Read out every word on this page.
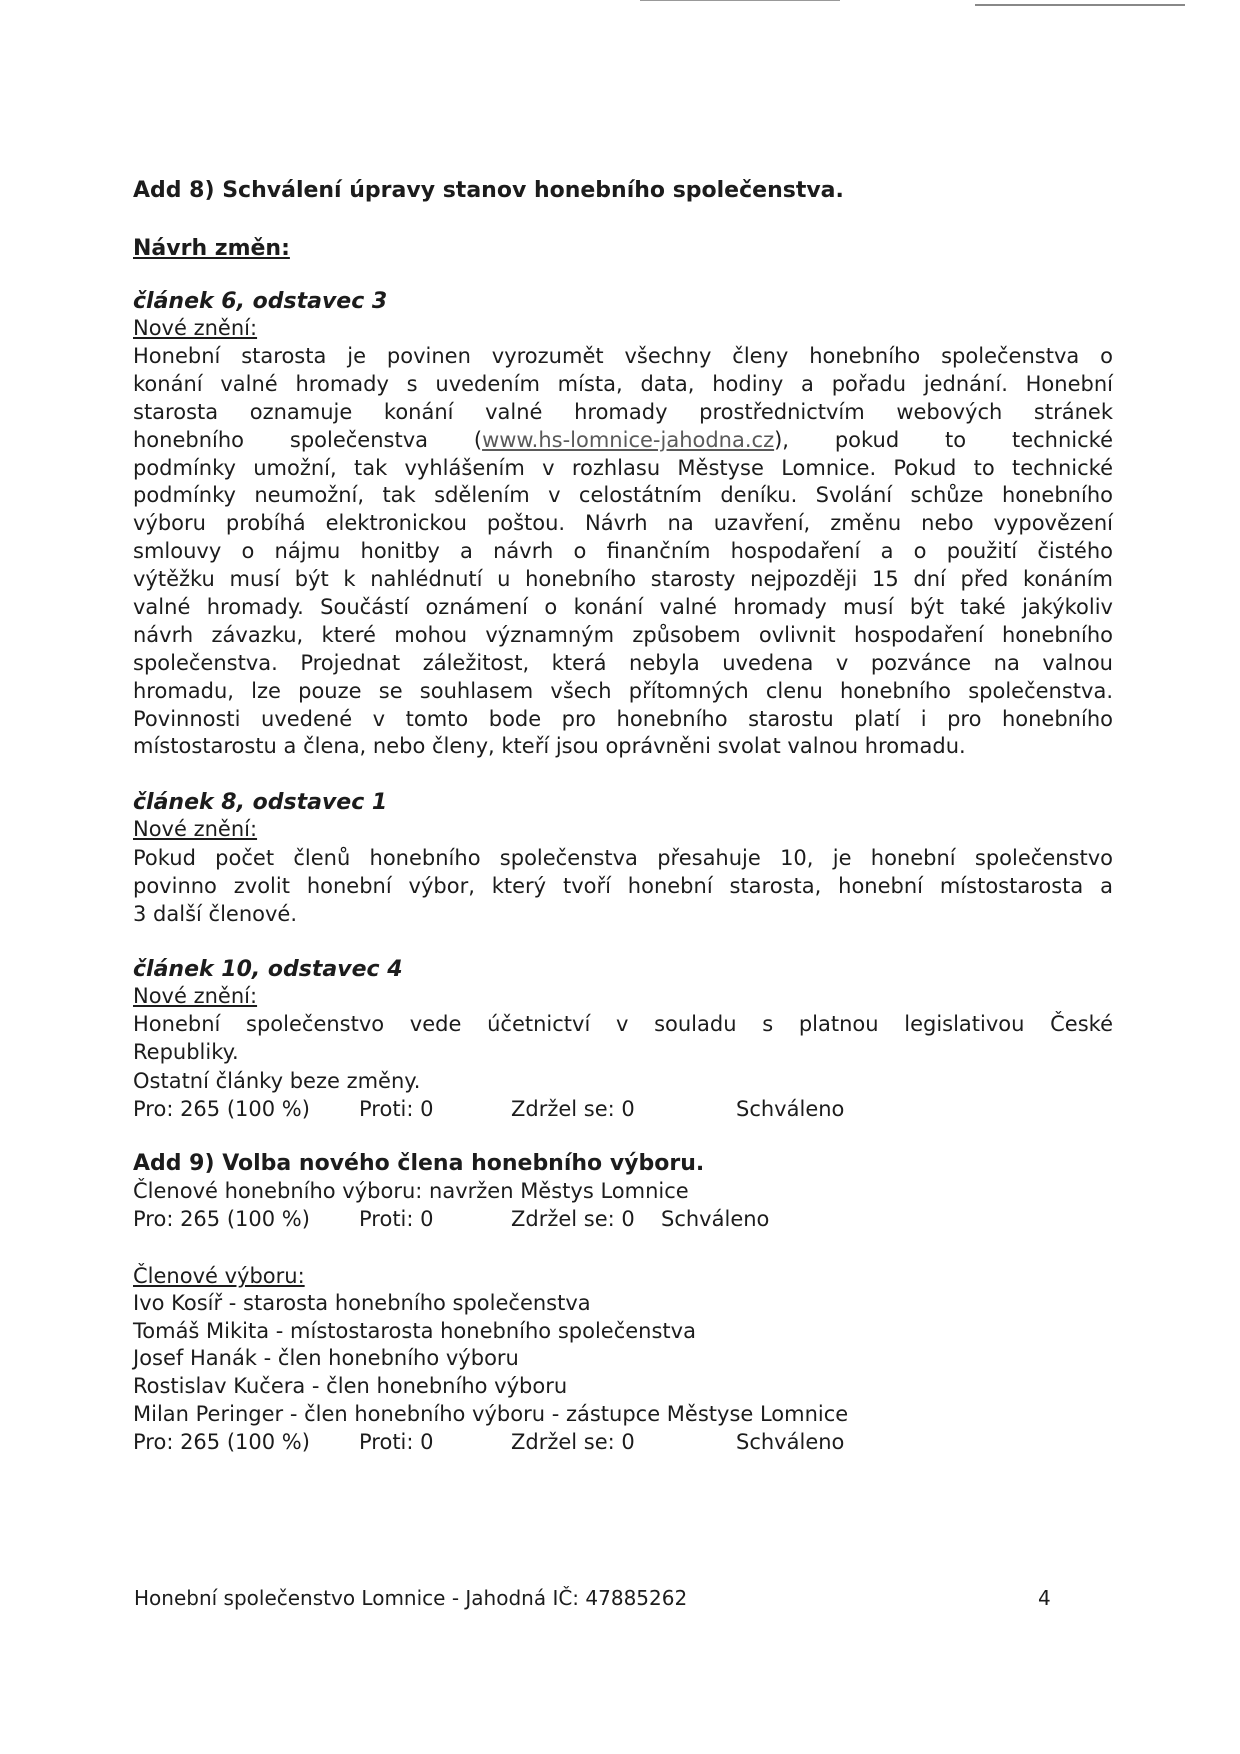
Add 8) Schválení úpravy stanov honebního společenstva.
Návrh změn:
článek 6, odstavec 3
Nové znění:
Honební starosta je povinen vyrozumět všechny členy honebního společenstva o
konání valné hromady s uvedením místa, data, hodiny a pořadu jednání. Honební
starosta oznamuje konání valné hromady prostřednictvím webových stránek
honebního společenstva (www.hs-lomnice-jahodna.cz), pokud to technické
podmínky umožní, tak vyhlášením v rozhlasu Městyse Lomnice. Pokud to technické
podmínky neumožní, tak sdělením v celostátním deníku. Svolání schůze honebního
výboru probíhá elektronickou poštou. Návrh na uzavření, změnu nebo vypovězení
smlouvy o nájmu honitby a návrh o finančním hospodaření a o použití čistého
výtěžku musí být k nahlédnutí u honebního starosty nejpozději 15 dní před konáním
valné hromady. Součástí oznámení o konání valné hromady musí být také jakýkoliv
návrh závazku, které mohou významným způsobem ovlivnit hospodaření honebního
společenstva. Projednat záležitost, která nebyla uvedena v pozvánce na valnou
hromadu, lze pouze se souhlasem všech přítomných clenu honebního společenstva.
Povinnosti uvedené v tomto bode pro honebního starostu platí i pro honebního
místostarostu a člena, nebo členy, kteří jsou oprávněni svolat valnou hromadu.
článek 8, odstavec 1
Nové znění:
Pokud počet členů honebního společenstva přesahuje 10, je honební společenstvo
povinno zvolit honební výbor, který tvoří honební starosta, honební místostarosta a
3 další členové.
článek 10, odstavec 4
Nové znění:
Honební společenstvo vede účetnictví v souladu s platnou legislativou České
Republiky.
Ostatní články beze změny.
Pro: 265 (100 %) Proti: 0	Zdržel se: 0	Schváleno
Add 9) Volba nového člena honebního výboru.
Členové honebního výboru: navržen Městys Lomnice
Pro: 265 (100 %) Proti: 0	Zdržel se: 0 Schváleno
Členové výboru:
Ivo Kosíř - starosta honebního společenstva
Tomáš Mikita - místostarosta honebního společenstva
Josef Hanák - člen honebního výboru
Rostislav Kučera - člen honebního výboru
Milan Peringer - člen honebního výboru - zástupce Městyse Lomnice
Pro: 265 (100 %) Proti: 0	Zdržel se: 0	Schváleno
Honební společenstvo Lomnice - Jahodná IČ: 47885262	4
